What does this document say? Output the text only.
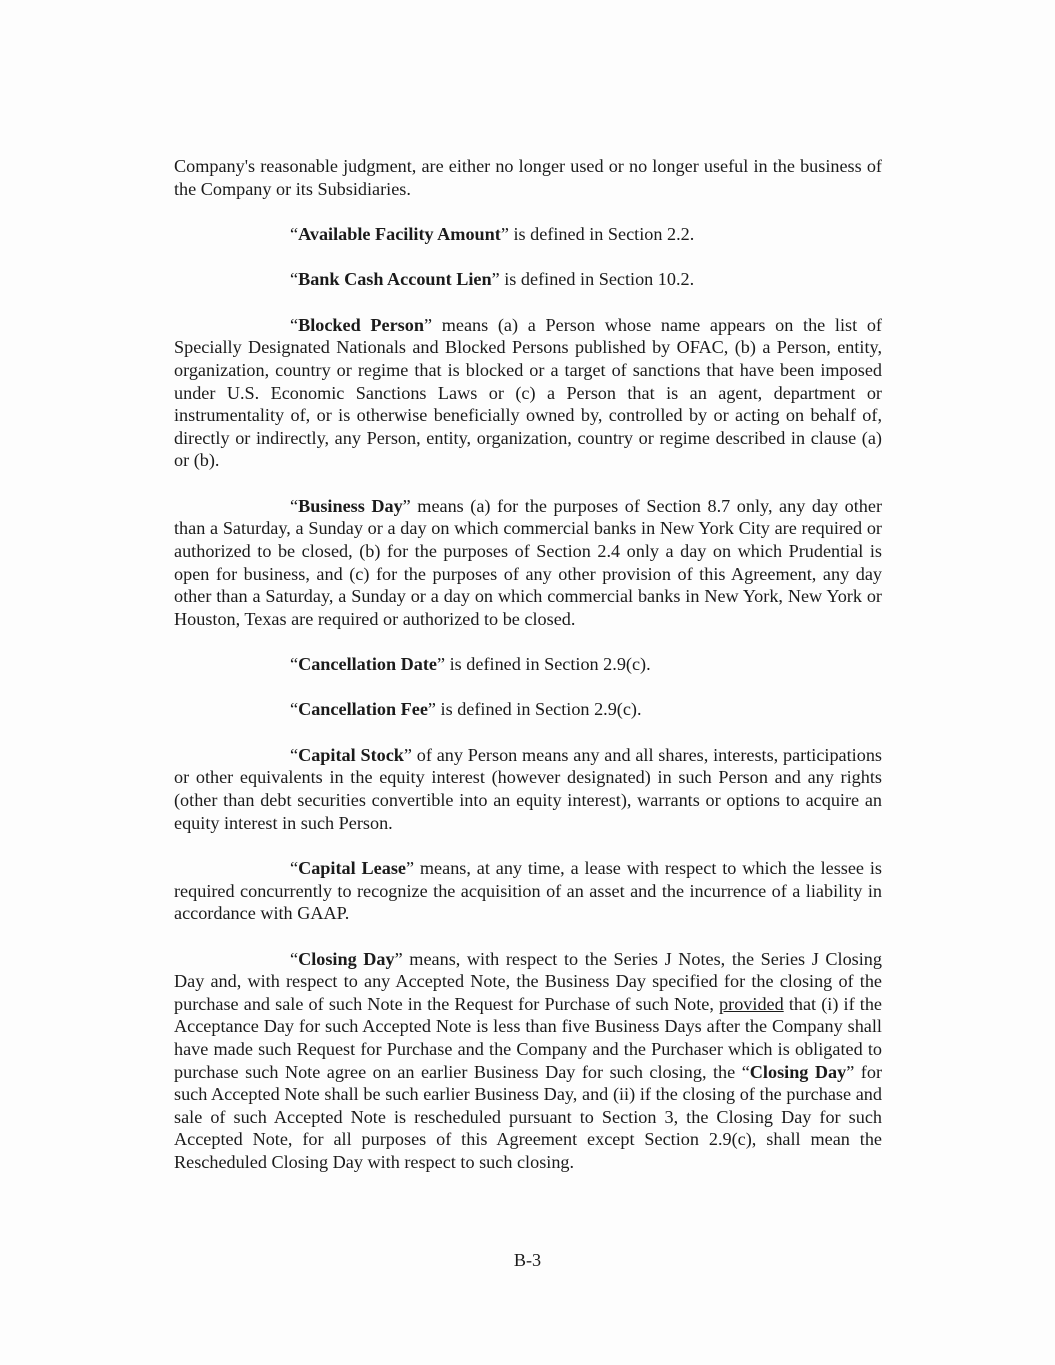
Company's reasonable judgment, are either no longer used or no longer useful in the business of the Company or its Subsidiaries.

“Available Facility Amount” is defined in Section 2.2.

“Bank Cash Account Lien” is defined in Section 10.2.

“Blocked Person” means (a) a Person whose name appears on the list of Specially Designated Nationals and Blocked Persons published by OFAC, (b) a Person, entity, organization, country or regime that is blocked or a target of sanctions that have been imposed under U.S. Economic Sanctions Laws or (c) a Person that is an agent, department or instrumentality of, or is otherwise beneficially owned by, controlled by or acting on behalf of, directly or indirectly, any Person, entity, organization, country or regime described in clause (a) or (b).

“Business Day” means (a) for the purposes of Section 8.7 only, any day other than a Saturday, a Sunday or a day on which commercial banks in New York City are required or authorized to be closed, (b) for the purposes of Section 2.4 only a day on which Prudential is open for business, and (c) for the purposes of any other provision of this Agreement, any day other than a Saturday, a Sunday or a day on which commercial banks in New York, New York or Houston, Texas are required or authorized to be closed.

“Cancellation Date” is defined in Section 2.9(c).

“Cancellation Fee” is defined in Section 2.9(c).

“Capital Stock” of any Person means any and all shares, interests, participations or other equivalents in the equity interest (however designated) in such Person and any rights (other than debt securities convertible into an equity interest), warrants or options to acquire an equity interest in such Person.

“Capital Lease” means, at any time, a lease with respect to which the lessee is required concurrently to recognize the acquisition of an asset and the incurrence of a liability in accordance with GAAP.

“Closing Day” means, with respect to the Series J Notes, the Series J Closing Day and, with respect to any Accepted Note, the Business Day specified for the closing of the purchase and sale of such Note in the Request for Purchase of such Note, provided that (i) if the Acceptance Day for such Accepted Note is less than five Business Days after the Company shall have made such Request for Purchase and the Company and the Purchaser which is obligated to purchase such Note agree on an earlier Business Day for such closing, the “Closing Day” for such Accepted Note shall be such earlier Business Day, and (ii) if the closing of the purchase and sale of such Accepted Note is rescheduled pursuant to Section 3, the Closing Day for such Accepted Note, for all purposes of this Agreement except Section 2.9(c), shall mean the Rescheduled Closing Day with respect to such closing.

B-3
